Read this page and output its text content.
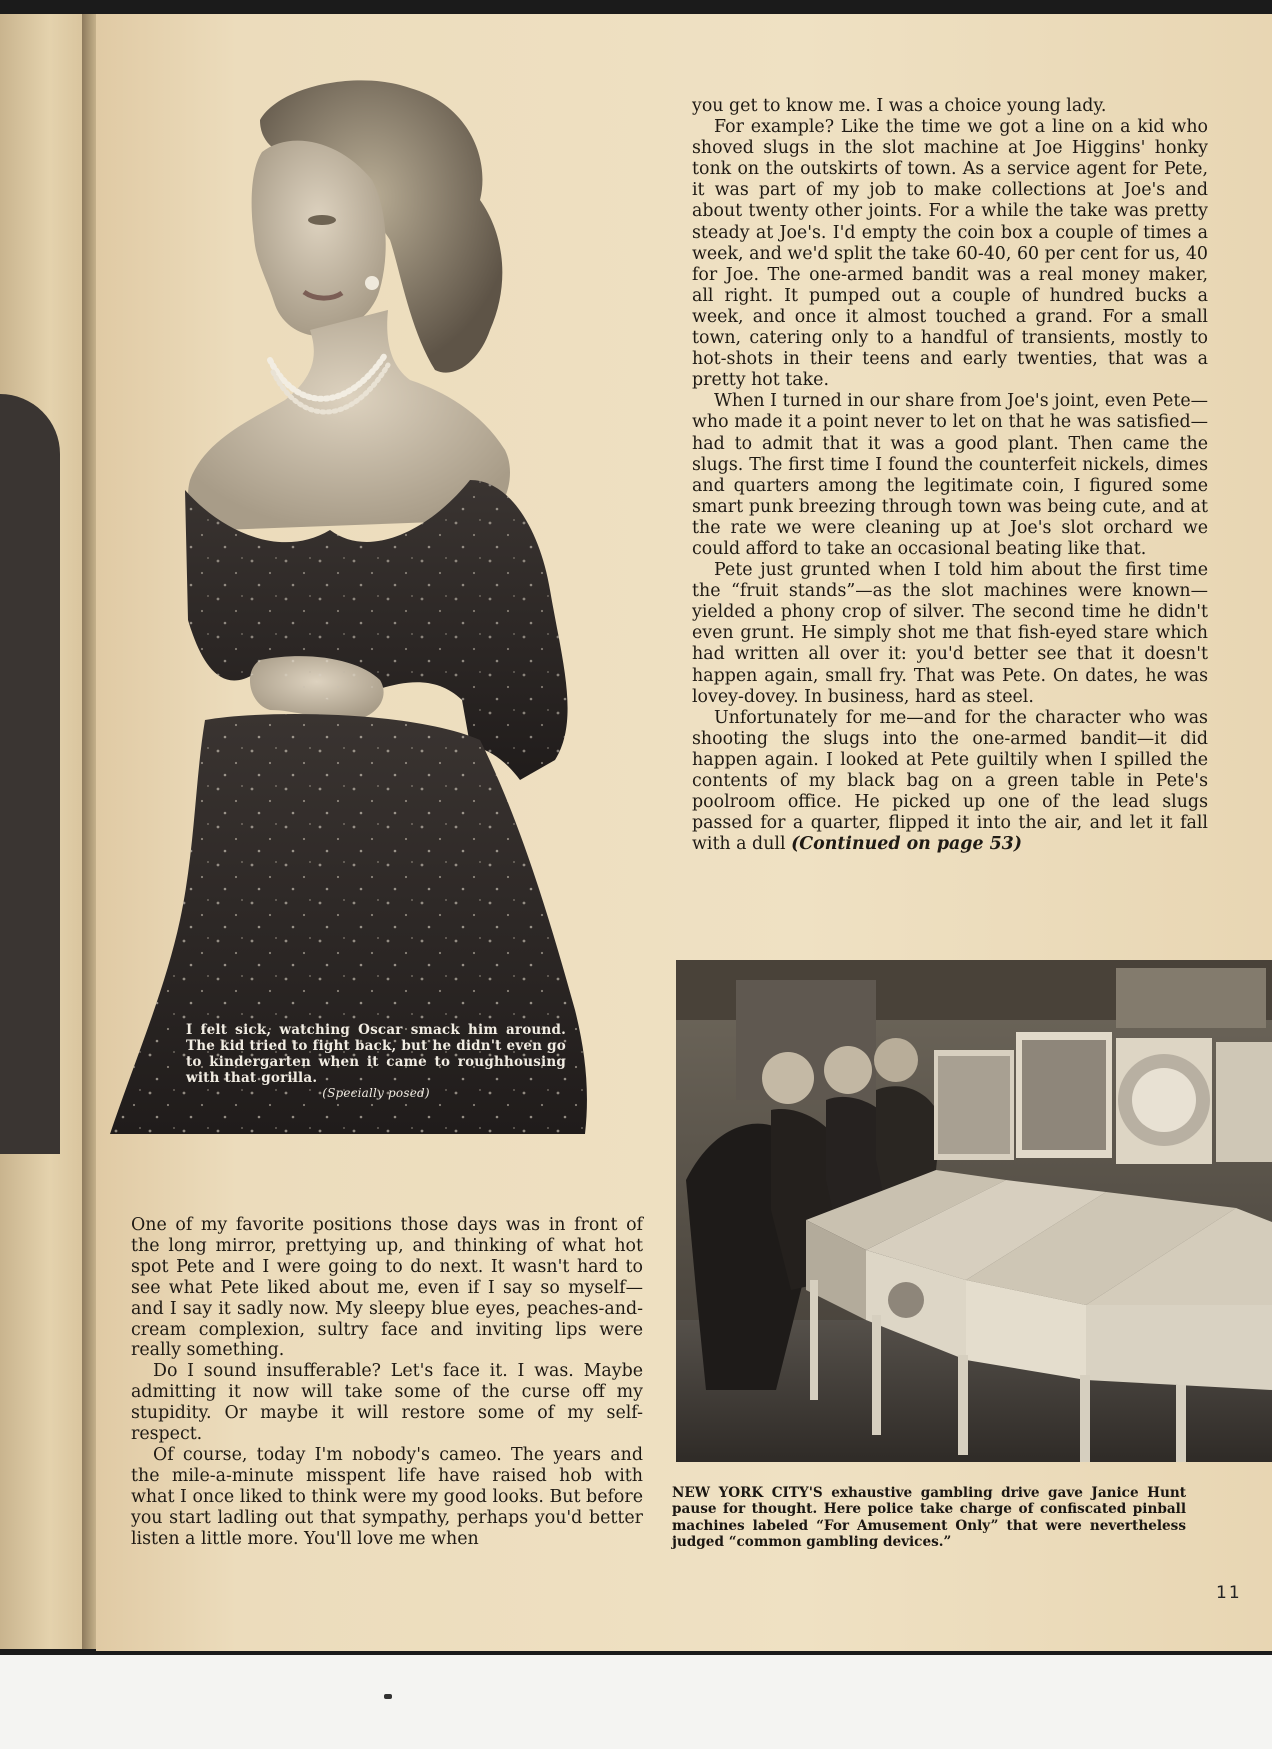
I felt sick, watching Oscar smack him around. The kid tried to fight back, but he didn't even go to kindergarten when it came to roughhousing with that gorilla.
(Specially posed)

you get to know me. I was a choice young lady.

For example? Like the time we got a line on a kid who shoved slugs in the slot machine at Joe Higgins' honky tonk on the outskirts of town. As a service agent for Pete, it was part of my job to make collections at Joe's and about twenty other joints. For a while the take was pretty steady at Joe's. I'd empty the coin box a couple of times a week, and we'd split the take 60-40, 60 per cent for us, 40 for Joe. The one-armed bandit was a real money maker, all right. It pumped out a couple of hundred bucks a week, and once it almost touched a grand. For a small town, catering only to a handful of transients, mostly to hot-shots in their teens and early twenties, that was a pretty hot take.

When I turned in our share from Joe's joint, even Pete—who made it a point never to let on that he was satisfied—had to admit that it was a good plant. Then came the slugs. The first time I found the counterfeit nickels, dimes and quarters among the legitimate coin, I figured some smart punk breezing through town was being cute, and at the rate we were cleaning up at Joe's slot orchard we could afford to take an occasional beating like that.

Pete just grunted when I told him about the first time the “fruit stands”—as the slot machines were known—yielded a phony crop of silver. The second time he didn't even grunt. He simply shot me that fish-eyed stare which had written all over it: you'd better see that it doesn't happen again, small fry. That was Pete. On dates, he was lovey-dovey. In business, hard as steel.

Unfortunately for me—and for the character who was shooting the slugs into the one-armed bandit—it did happen again. I looked at Pete guiltily when I spilled the contents of my black bag on a green table in Pete's poolroom office. He picked up one of the lead slugs passed for a quarter, flipped it into the air, and let it fall with a dull (Continued on page 53)

NEW YORK CITY'S exhaustive gambling drive gave Janice Hunt pause for thought. Here police take charge of confiscated pinball machines labeled “For Amusement Only” that were nevertheless judged “common gambling devices.”

One of my favorite positions those days was in front of the long mirror, prettying up, and thinking of what hot spot Pete and I were going to do next. It wasn't hard to see what Pete liked about me, even if I say so myself—and I say it sadly now. My sleepy blue eyes, peaches-and-cream complexion, sultry face and inviting lips were really something.

Do I sound insufferable? Let's face it. I was. Maybe admitting it now will take some of the curse off my stupidity. Or maybe it will restore some of my self-respect.

Of course, today I'm nobody's cameo. The years and the mile-a-minute misspent life have raised hob with what I once liked to think were my good looks. But before you start ladling out that sympathy, perhaps you'd better listen a little more. You'll love me when

11
